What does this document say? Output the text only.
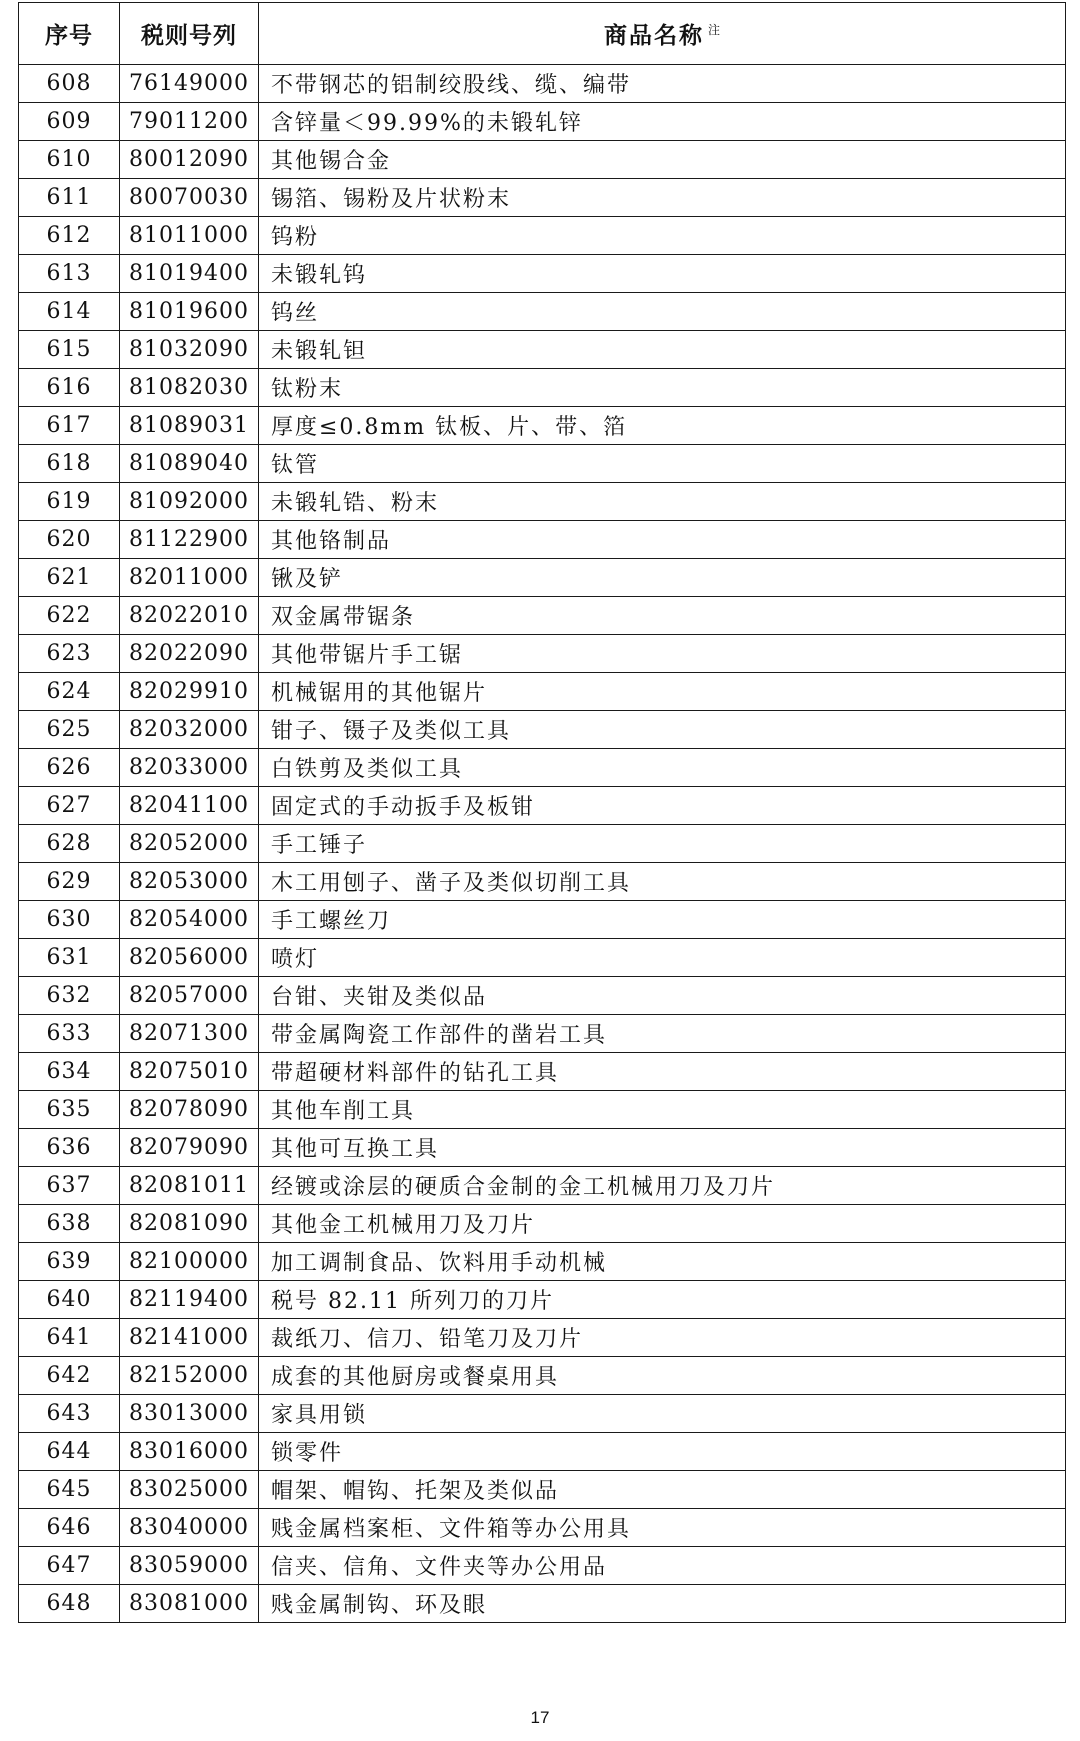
序号	税则号列	商品名称 $^注$
608	76149000	不带钢芯的铝制绞股线、缆、编带
609	79011200	含锌量＜99.99%的未锻轧锌
610	80012090	其他锡合金
611	80070030	锡箔、锡粉及片状粉末
612	81011000	钨粉
613	81019400	未锻轧钨
614	81019600	钨丝
615	81032090	未锻轧钽
616	81082030	钛粉末
617	81089031	厚度≤0.8mm 钛板、片、带、箔
618	81089040	钛管
619	81092000	未锻轧锆、粉末
620	81122900	其他铬制品
621	82011000	锹及铲
622	82022010	双金属带锯条
623	82022090	其他带锯片手工锯
624	82029910	机械锯用的其他锯片
625	82032000	钳子、镊子及类似工具
626	82033000	白铁剪及类似工具
627	82041100	固定式的手动扳手及板钳
628	82052000	手工锤子
629	82053000	木工用刨子、凿子及类似切削工具
630	82054000	手工螺丝刀
631	82056000	喷灯
632	82057000	台钳、夹钳及类似品
633	82071300	带金属陶瓷工作部件的凿岩工具
634	82075010	带超硬材料部件的钻孔工具
635	82078090	其他车削工具
636	82079090	其他可互换工具
637	82081011	经镀或涂层的硬质合金制的金工机械用刀及刀片
638	82081090	其他金工机械用刀及刀片
639	82100000	加工调制食品、饮料用手动机械
640	82119400	税号 82.11 所列刀的刀片
641	82141000	裁纸刀、信刀、铅笔刀及刀片
642	82152000	成套的其他厨房或餐桌用具
643	83013000	家具用锁
644	83016000	锁零件
645	83025000	帽架、帽钩、托架及类似品
646	83040000	贱金属档案柜、文件箱等办公用具
647	83059000	信夹、信角、文件夹等办公用品
648	83081000	贱金属制钩、环及眼
17
